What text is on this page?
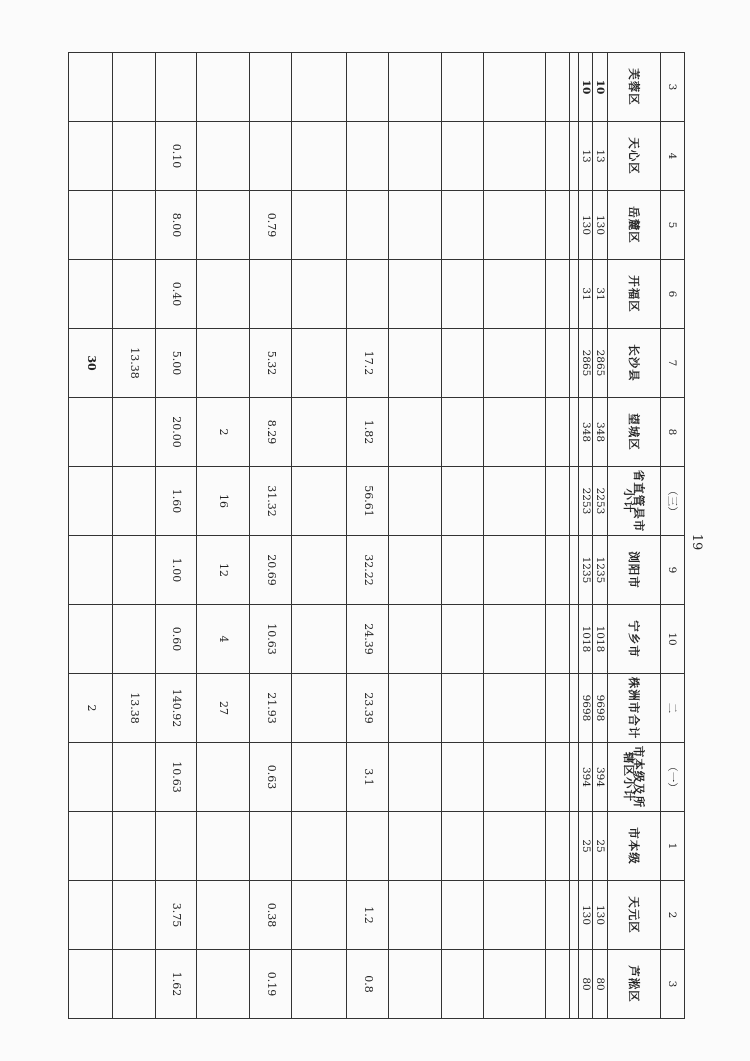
3	4	5	6	7	8	（三）	9	10	二	（一）	1	2	3
芙蓉区	天心区	岳麓区	开福区	长沙县	望城区	省直管县市小计	浏阳市	宁乡市	株洲市合计	市本级及所辖区小计	市本级	天元区	芦淞区
10	13	130	31	2865	348	2253	1235	1018	9698	394	25	130	80
10	13	130	31	2865	348	2253	1235	1018	9698	394	25	130	80

				17.2	1.82	56.61	32.22	24.39	23.39	3.1		1.2	0.8

		0.79		5.32	8.29	31.32	20.69	10.63	21.93	0.63		0.38	0.19
					2	16	12	4	27				
	0.10	8.00	0.40	5.00	20.00	1.60	1.00	0.60	140.92	10.63		3.75	1.62
				13.38					13.38				
				30					2				
19
